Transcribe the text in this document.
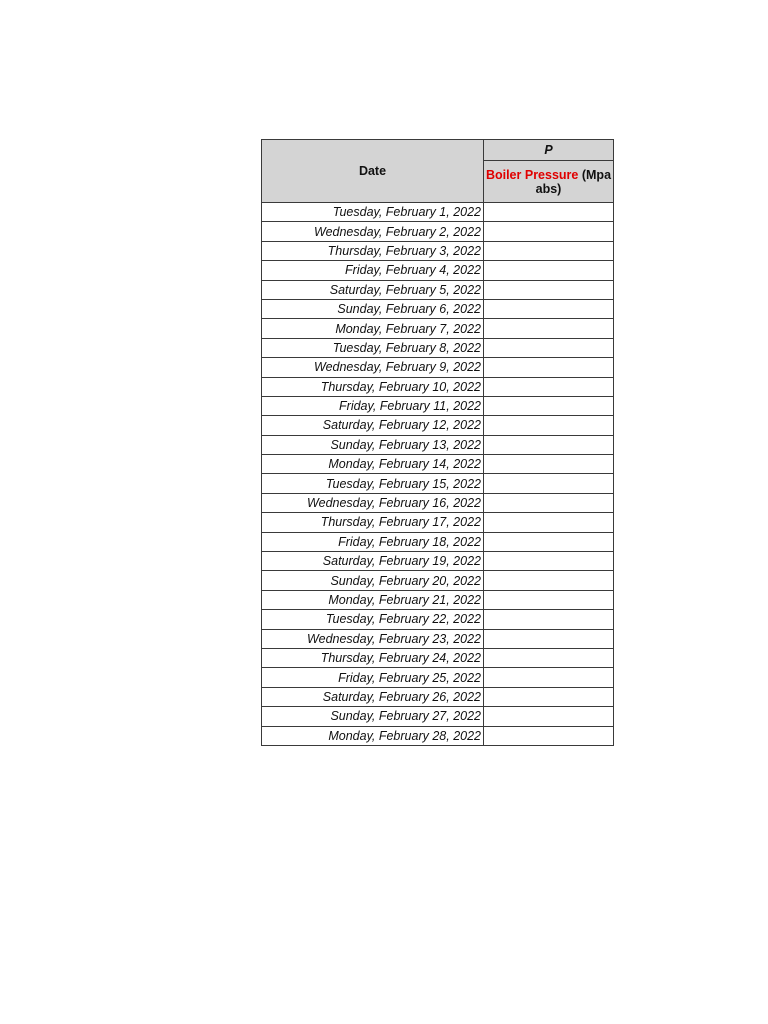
Date	P
	Boiler Pressure (Mpa abs)
Tuesday, February 1, 2022	
Wednesday, February 2, 2022	
Thursday, February 3, 2022	
Friday, February 4, 2022	
Saturday, February 5, 2022	
Sunday, February 6, 2022	
Monday, February 7, 2022	
Tuesday, February 8, 2022	
Wednesday, February 9, 2022	
Thursday, February 10, 2022	
Friday, February 11, 2022	
Saturday, February 12, 2022	
Sunday, February 13, 2022	
Monday, February 14, 2022	
Tuesday, February 15, 2022	
Wednesday, February 16, 2022	
Thursday, February 17, 2022	
Friday, February 18, 2022	
Saturday, February 19, 2022	
Sunday, February 20, 2022	
Monday, February 21, 2022	
Tuesday, February 22, 2022	
Wednesday, February 23, 2022	
Thursday, February 24, 2022	
Friday, February 25, 2022	
Saturday, February 26, 2022	
Sunday, February 27, 2022	
Monday, February 28, 2022	
